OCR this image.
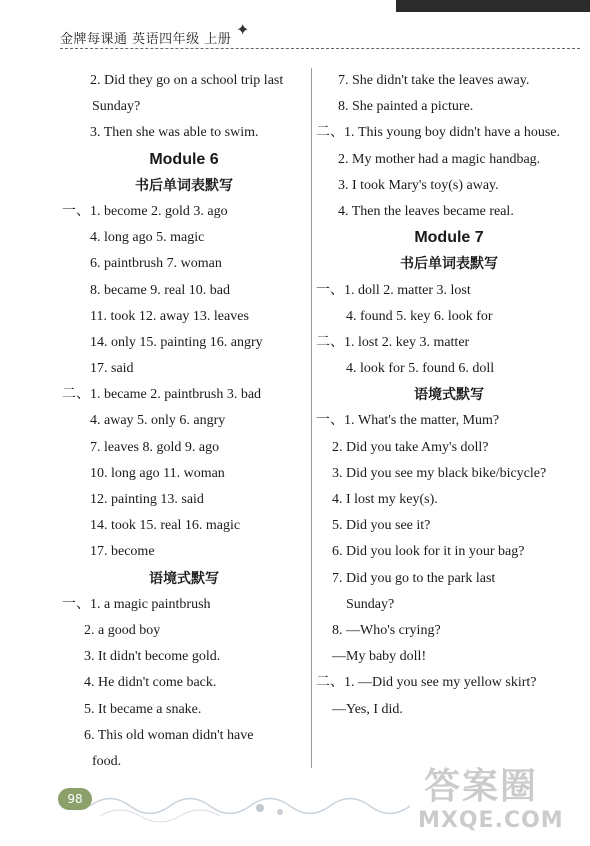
金牌每课通 英语四年级 上册
✦
2. Did they go on a school trip last
Sunday?
3. Then she was able to swim.
Module 6
书后单词表默写
一、1. become 2. gold 3. ago
4. long ago 5. magic
6. paintbrush 7. woman
8. became 9. real 10. bad
11. took 12. away 13. leaves
14. only 15. painting 16. angry
17. said
二、1. became 2. paintbrush 3. bad
4. away 5. only 6. angry
7. leaves 8. gold 9. ago
10. long ago 11. woman
12. painting 13. said
14. took 15. real 16. magic
17. become
语境式默写
一、1. a magic paintbrush
2. a good boy
3. It didn't become gold.
4. He didn't come back.
5. It became a snake.
6. This old woman didn't have
food.
7. She didn't take the leaves away.
8. She painted a picture.
二、1. This young boy didn't have a house.
2. My mother had a magic handbag.
3. I took Mary's toy(s) away.
4. Then the leaves became real.
Module 7
书后单词表默写
一、1. doll 2. matter 3. lost
4. found 5. key 6. look for
二、1. lost 2. key 3. matter
4. look for 5. found 6. doll
语境式默写
一、1. What's the matter, Mum?
2. Did you take Amy's doll?
3. Did you see my black bike/bicycle?
4. I lost my key(s).
5. Did you see it?
6. Did you look for it in your bag?
7. Did you go to the park last
Sunday?
8. —Who's crying?
—My baby doll!
二、1. —Did you see my yellow skirt?
—Yes, I did.
98	答案圈
MXQE.COM
